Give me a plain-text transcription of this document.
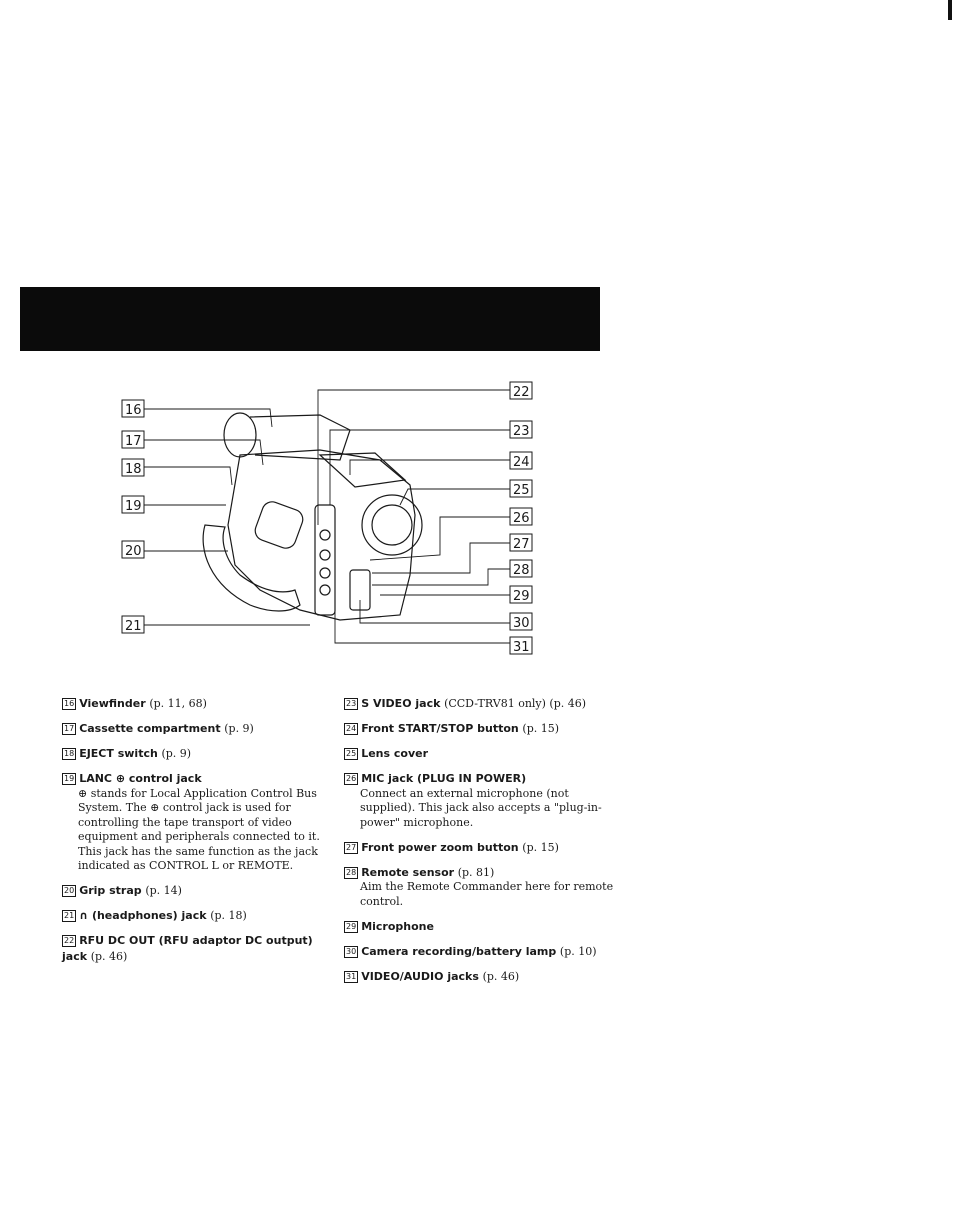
16
17
18
19
20
21
22
23
24
25
26
27
28
29
30
31
16 Viewfinder (p. 11, 68)
17 Cassette compartment (p. 9)
18 EJECT switch (p. 9)
19 LANC ⊕ control jack
⊕ stands for Local Application Control Bus System. The ⊕ control jack is used for controlling the tape transport of video equipment and peripherals connected to it. This jack has the same function as the jack indicated as CONTROL L or REMOTE.
20 Grip strap (p. 14)
21 ∩ (headphones) jack (p. 18)
22 RFU DC OUT (RFU adaptor DC output) jack (p. 46)
23 S VIDEO jack (CCD-TRV81 only) (p. 46)
24 Front START/STOP button (p. 15)
25 Lens cover
26 MIC jack (PLUG IN POWER)
Connect an external microphone (not supplied). This jack also accepts a "plug-in-power" microphone.
27 Front power zoom button (p. 15)
28 Remote sensor (p. 81)
Aim the Remote Commander here for remote control.
29 Microphone
30 Camera recording/battery lamp (p. 10)
31 VIDEO/AUDIO jacks (p. 46)
